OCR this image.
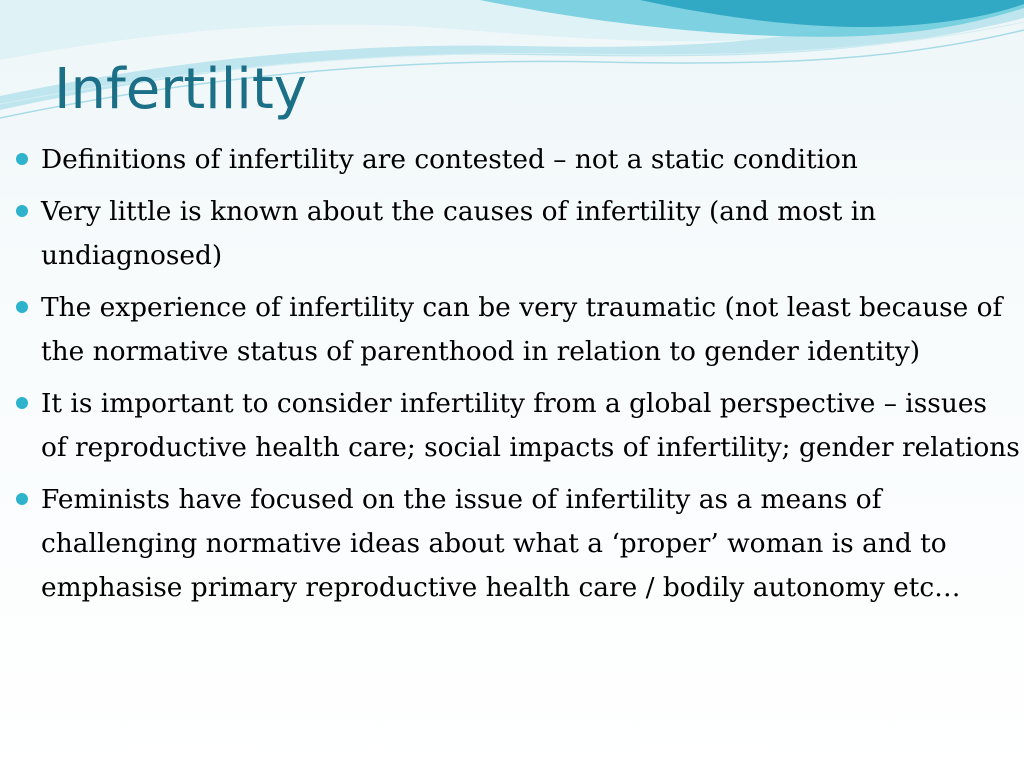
Infertility
Definitions of infertility are contested – not a static condition
Very little is known about the causes of infertility (and most in undiagnosed)
The experience of infertility can be very traumatic (not least because of the normative status of parenthood in relation to gender identity)
It is important to consider infertility from a global perspective – issues of reproductive health care; social impacts of infertility; gender relations
Feminists have focused on the issue of infertility as a means of challenging normative ideas about what a ‘proper’ woman is and to emphasise primary reproductive health care / bodily autonomy etc…
